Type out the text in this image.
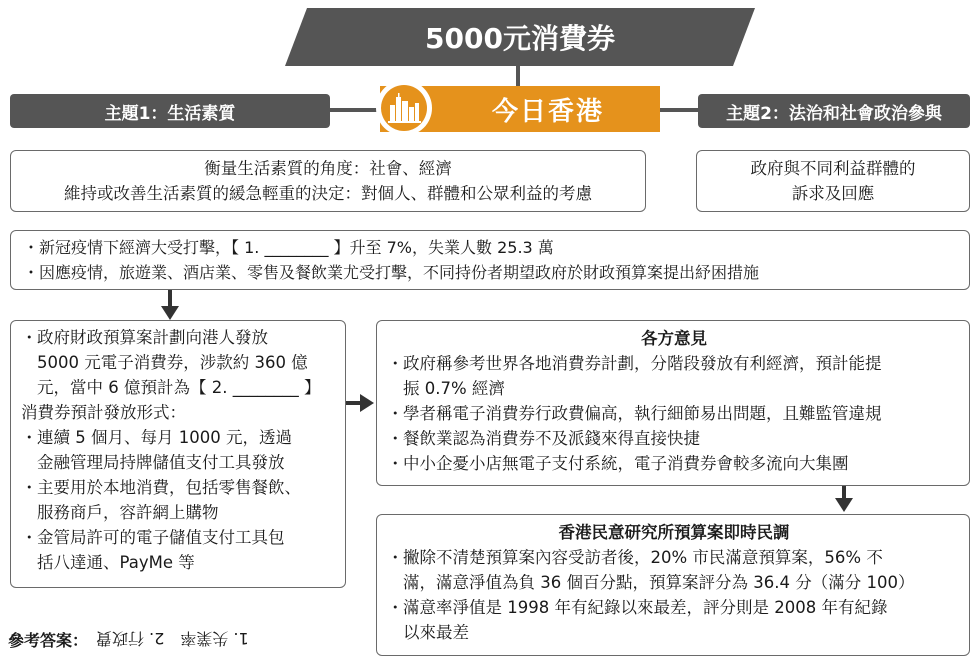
5000元消費券
今日香港
主題1：生活素質	主題2：法治和社會政治參與
衡量生活素質的角度：社會、經濟
維持或改善生活素質的緩急輕重的決定：對個人、群體和公眾利益的考慮
政府與不同利益群體的
訴求及回應
・ 新冠疫情下經濟大受打擊，【 1. ________ 】升至 7%，失業人數 25.3 萬
・ 因應疫情，旅遊業、酒店業、零售及餐飲業尤受打擊，不同持份者期望政府於財政預算案提出紓困措施
・ 政府財政預算案計劃向港人發放
5000 元電子消費券，涉款約 360 億
元，當中 6 億預計為【 2. ________ 】
消費券預計發放形式：
・ 連續 5 個月、每月 1000 元，透過
金融管理局持牌儲值支付工具發放
・ 主要用於本地消費，包括零售餐飲、
服務商戶，容許網上購物
・ 金管局許可的電子儲值支付工具包
括八達通、PayMe 等
各方意見
・ 政府稱參考世界各地消費券計劃，分階段發放有利經濟，預計能提
振 0.7% 經濟
・ 學者稱電子消費券行政費偏高，執行細節易出問題，且難監管違規
・ 餐飲業認為消費券不及派錢來得直接快捷
・ 中小企憂小店無電子支付系統，電子消費券會較多流向大集團
香港民意研究所預算案即時民調
・ 撇除不清楚預算案內容受訪者後，20% 市民滿意預算案，56% 不
滿，滿意淨值為負 36 個百分點，預算案評分為 36.4 分（滿分 100）
・ 滿意率淨值是 1998 年有紀錄以來最差，評分則是 2008 年有紀錄
以來最差
參考答案： 1. 失業率　2. 行政費
